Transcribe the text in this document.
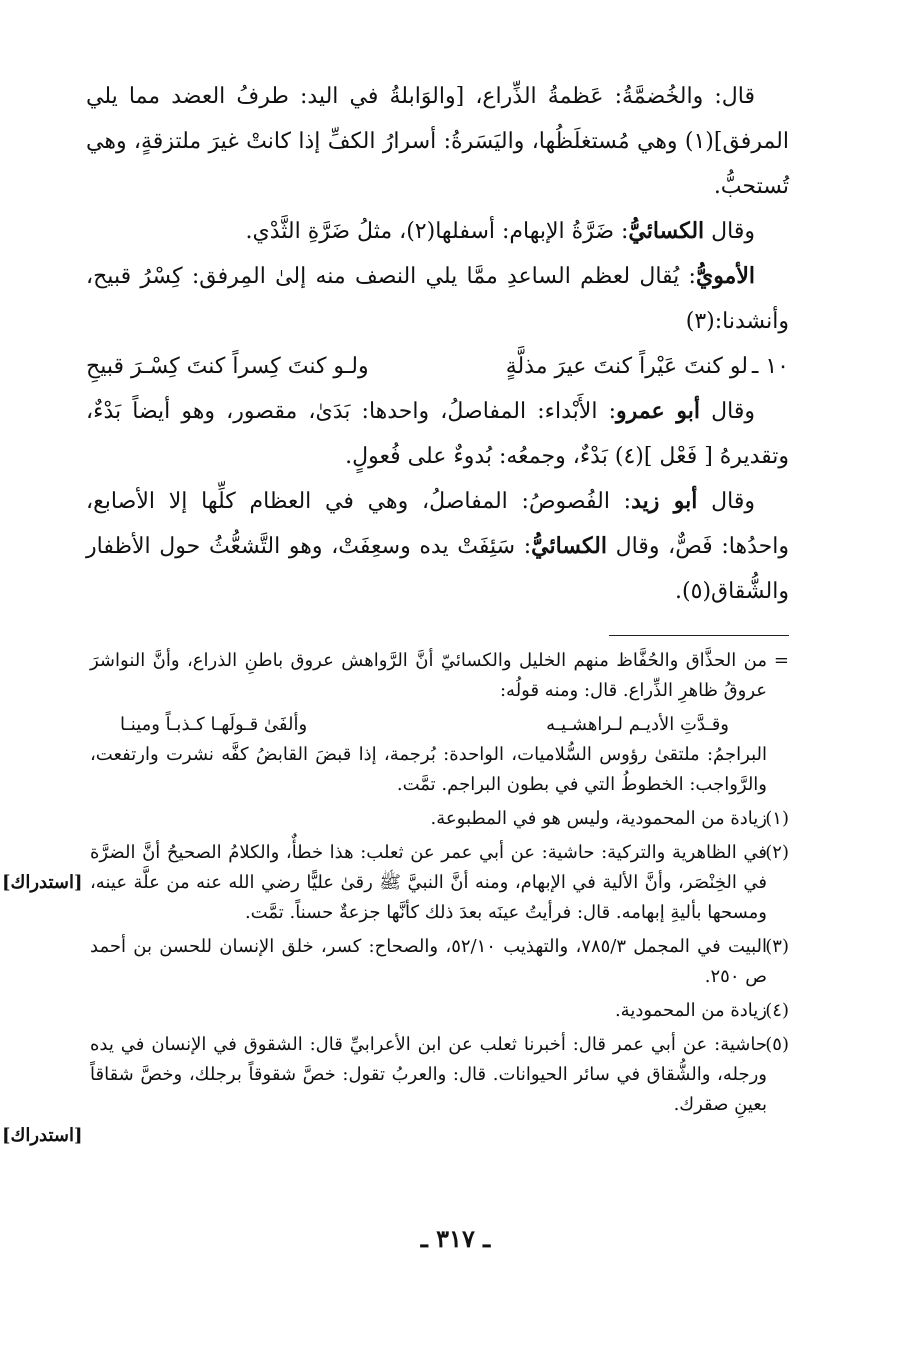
قال: والخُضمَّةُ: عَظمةُ الذِّراع، [والوَابلةُ في اليد: طرفُ العضد مما يلي المرفق](١) وهي مُستغلَظُها، واليَسَرةُ: أسرارُ الكفِّ إذا كانتْ غيرَ ملتزقةٍ، وهي تُستحبُّ.

وقال الكسائيُّ: ضَرَّةُ الإبهام: أسفلها(٢)، مثلُ ضَرَّةِ الثَّدْي.

الأمويُّ: يُقال لعظم الساعدِ ممَّا يلي النصف منه إلىٰ المِرفق: كِسْرُ قبيح، وأنشدنا:(٣)

١٠ ـ
لو كنتَ عَيْراً كنتَ عيرَ مذلَّةٍ
ولـو كنتَ كِسراً كنتَ كِسْـرَ قبيحِ

وقال أبو عمرو: الأَبْداء: المفاصلُ، واحدها: بَدَىٰ، مقصور، وهو أيضاً بَدْءٌ، وتقديرهُ [ فَعْل ](٤) بَدْءٌ، وجمعُه: بُدوءٌ على فُعولٍ.

وقال أبو زيد: الفُصوصُ: المفاصلُ، وهي في العظام كلِّها إلا الأصابع، واحدُها: فَصٌّ، وقال الكسائيُّ: سَئِفَتْ يده وسعِفَتْ، وهو التَّشعُّثُ حول الأظفار والشُّقاق(٥).

=
من الحذَّاق والحُفَّاظ منهم الخليل والكسائيّ أنَّ الرَّواهش عروق باطنِ الذراع، وأنَّ النواشرَ عروقُ ظاهرِ الذِّراع. قال: ومنه قولُه:

وقـدَّتِ الأديـم لـراهشـيـه
وألفَىٰ قـولَهـا كـذبـاً ومينـا

البراجمُ: ملتقىٰ رؤوس السُّلاميات، الواحدة: بُرجمة، إذا قبضَ القابضُ كفَّه نشرت وارتفعت، والرَّواجب: الخطوطُ التي في بطون البراجم. تمَّت.

(١)
زيادة من المحمودية، وليس هو في المطبوعة.

(٢)
في الظاهرية والتركية: حاشية: عن أبي عمر عن ثعلب: هذا خطأٌ، والكلامُ الصحيحُ أنَّ الضرَّة في الخِنْصَر، وأنَّ الألية في الإبهام، ومنه أنَّ النبيَّ ﷺ رقىٰ عليًّا رضي الله عنه من علَّة عينه، ومسحها بأليةِ إبهامه. قال: فرأيتُ عينَه بعدَ ذلك كأنَّها جزعةٌ حسناً. تمَّت.

(٣)
البيت في المجمل ٧٨٥/٣، والتهذيب ٥٢/١٠، والصحاح: كسر، خلق الإنسان للحسن بن أحمد ص ٢٥٠.

(٤)
زيادة من المحمودية.

(٥)
حاشية: عن أبي عمر قال: أخبرنا ثعلب عن ابن الأعرابيِّ قال: الشقوق في الإنسان في يده ورجله، والشُّقاق في سائر الحيوانات. قال: والعربُ تقول: خصَّ شقوقاً برجلك، وخصَّ شقاقاً بعينِ صقرك.

[استدراك]
[استدراك]
ـ ٣١٧ ـ
